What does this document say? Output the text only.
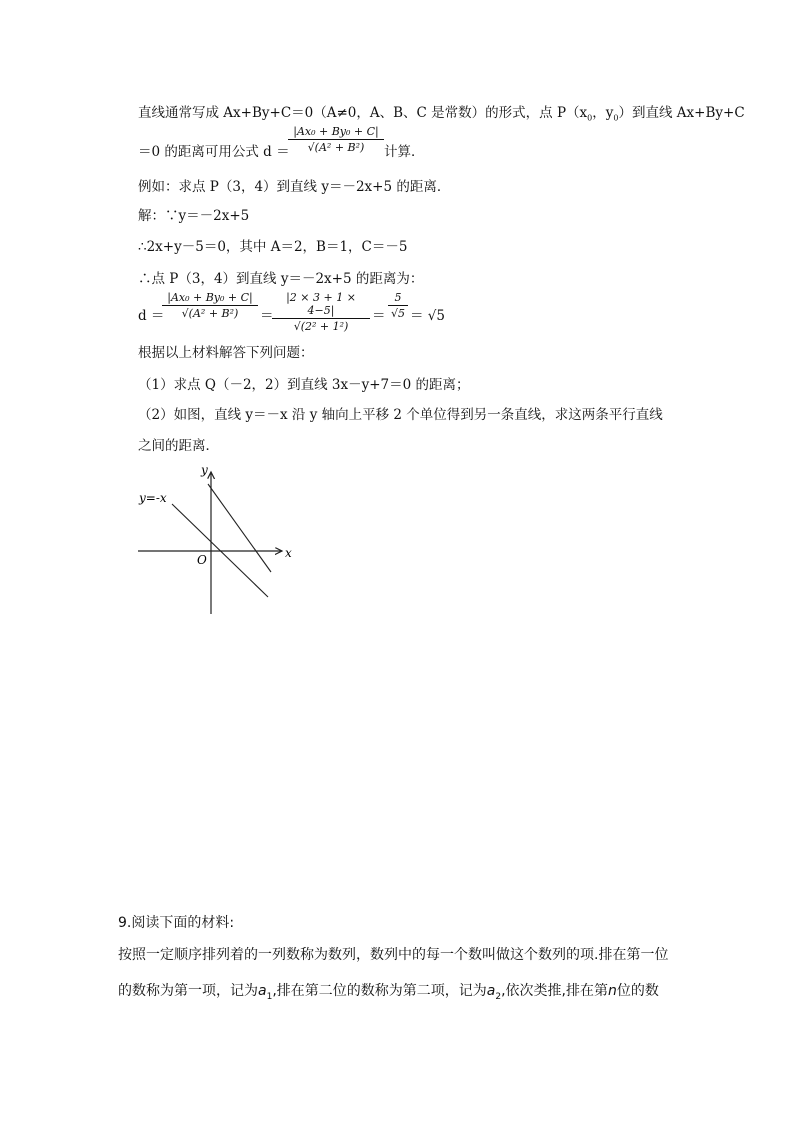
直线通常写成 Ax+By+C＝0（A≠0，A、B、C 是常数）的形式，点 $P(x_0$，$y_0$）到直线 Ax+By+C
＝0 的距离可用公式 d ＝
|Ax₀ + By₀ + C|
√(A² + B²)	计算．
例如：求点 P（3，4）到直线 y＝－2x+5 的距离．
解：∵y＝－2x+5
∴2x+y－5＝0，其中 A＝2，B＝1，C＝－5
∴点 P（3，4）到直线 y＝－2x+5 的距离为：
d ＝
|Ax₀ + By₀ + C|
√(A² + B²)	＝
|2 × 3 + 1 × 4−5|
√(2² + 1²)
＝
5
√5 ＝ √5
根据以上材料解答下列问题：
（1）求点 Q（－2，2）到直线 3x－y+7＝0 的距离；
（2）如图，直线 y＝－x 沿 y 轴向上平移 2 个单位得到另一条直线，求这两条平行直线
之间的距离．
y
x
O
y=-x
9.阅读下面的材料:
按照一定顺序排列着的一列数称为数列，数列中的每一个数叫做这个数列的项.排在第一位
的数称为第一项，记为$a_1$,排在第二位的数称为第二项，记为$a_2$,依次类推,排在第n位的数
